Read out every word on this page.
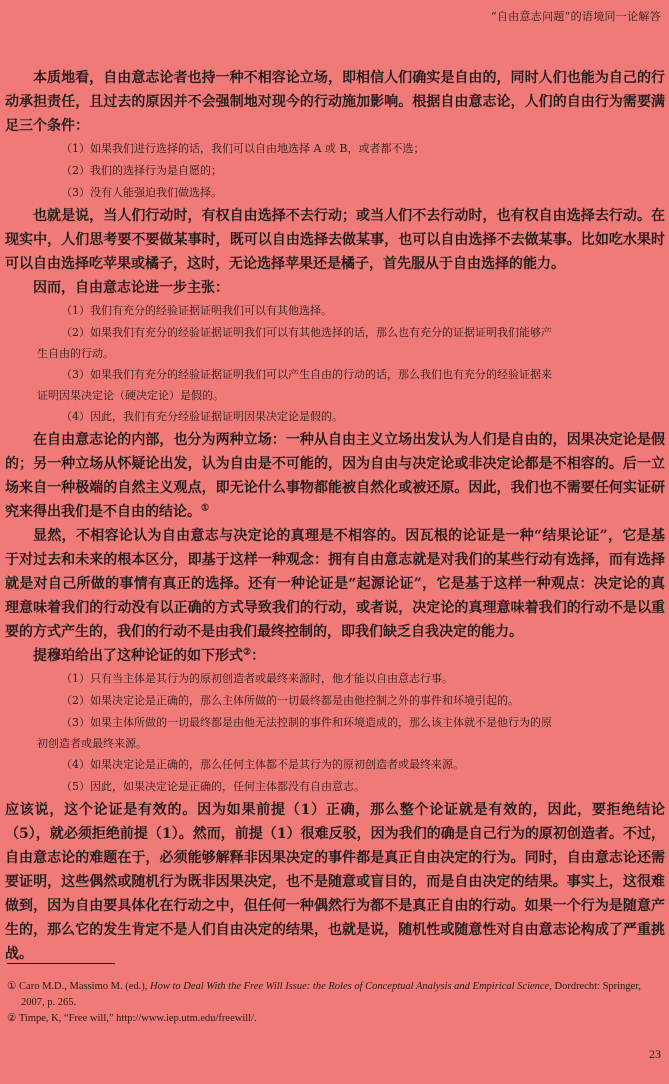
“自由意志问题”的语境同一论解答

本质地看，自由意志论者也持一种不相容论立场，即相信人们确实是自由的，同时人们也能为自己的行动承担责任，且过去的原因并不会强制地对现今的行动施加影响。根据自由意志论，人们的自由行为需要满足三个条件：

（1）如果我们进行选择的话，我们可以自由地选择 A 或 B，或者都不选；

（2）我们的选择行为是自愿的；

（3）没有人能强迫我们做选择。

也就是说，当人们行动时，有权自由选择不去行动；或当人们不去行动时，也有权自由选择去行动。在现实中，人们思考要不要做某事时，既可以自由选择去做某事，也可以自由选择不去做某事。比如吃水果时可以自由选择吃苹果或橘子，这时，无论选择苹果还是橘子，首先服从于自由选择的能力。

因而，自由意志论进一步主张：

（1）我们有充分的经验证据证明我们可以有其他选择。

（2）如果我们有充分的经验证据证明我们可以有其他选择的话，那么也有充分的证据证明我们能够产
生自由的行动。

（3）如果我们有充分的经验证据证明我们可以产生自由的行动的话，那么我们也有充分的经验证据来
证明因果决定论（硬决定论）是假的。

（4）因此，我们有充分经验证据证明因果决定论是假的。

在自由意志论的内部，也分为两种立场：一种从自由主义立场出发认为人们是自由的，因果决定论是假的；另一种立场从怀疑论出发，认为自由是不可能的，因为自由与决定论或非决定论都是不相容的。后一立场来自一种极端的自然主义观点，即无论什么事物都能被自然化或被还原。因此，我们也不需要任何实证研究来得出我们是不自由的结论。①

显然，不相容论认为自由意志与决定论的真理是不相容的。因瓦根的论证是一种“结果论证”，它是基于对过去和未来的根本区分，即基于这样一种观念：拥有自由意志就是对我们的某些行动有选择，而有选择就是对自己所做的事情有真正的选择。还有一种论证是“起源论证”，它是基于这样一种观点：决定论的真理意味着我们的行动没有以正确的方式导致我们的行动，或者说，决定论的真理意味着我们的行动不是以重要的方式产生的，我们的行动不是由我们最终控制的，即我们缺乏自我决定的能力。

提穆珀给出了这种论证的如下形式②：

（1）只有当主体是其行为的原初创造者或最终来源时，他才能以自由意志行事。

（2）如果决定论是正确的，那么主体所做的一切最终都是由他控制之外的事件和环境引起的。

（3）如果主体所做的一切最终都是由他无法控制的事件和环境造成的，那么该主体就不是他行为的原
初创造者或最终来源。

（4）如果决定论是正确的，那么任何主体都不是其行为的原初创造者或最终来源。

（5）因此，如果决定论是正确的，任何主体都没有自由意志。

应该说，这个论证是有效的。因为如果前提（1）正确，那么整个论证就是有效的，因此，要拒绝结论（5），就必须拒绝前提（1）。然而，前提（1）很难反驳，因为我们的确是自己行为的原初创造者。不过，自由意志论的难题在于，必须能够解释非因果决定的事件都是真正自由决定的行为。同时，自由意志论还需要证明，这些偶然或随机行为既非因果决定，也不是随意或盲目的，而是自由决定的结果。事实上，这很难做到，因为自由要具体化在行动之中，但任何一种偶然行为都不是真正自由的行动。如果一个行为是随意产生的，那么它的发生肯定不是人们自由决定的结果，也就是说，随机性或随意性对自由意志论构成了严重挑战。

① Caro M.D., Massimo M. (ed.), How to Deal With the Free Will Issue: the Roles of Conceptual Analysis and Empirical Science, Dordrecht: Springer, 2007, p. 265.

② Timpe, K, “Free will,” http://www.iep.utm.edu/freewill/.

23
